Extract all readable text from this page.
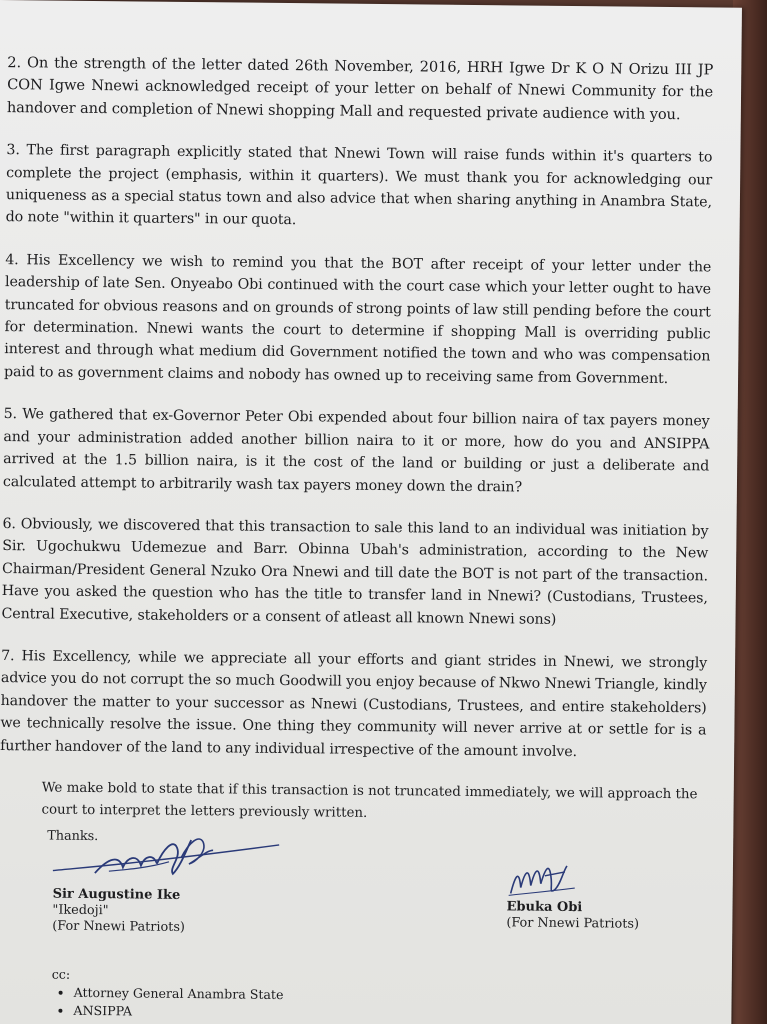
2. On the strength of the letter dated 26th November, 2016, HRH Igwe Dr K O N Orizu III JP CON Igwe Nnewi acknowledged receipt of your letter on behalf of Nnewi Community for the handover and completion of Nnewi shopping Mall and requested private audience with you.

3. The first paragraph explicitly stated that Nnewi Town will raise funds within it's quarters to complete the project (emphasis, within it quarters). We must thank you for acknowledging our uniqueness as a special status town and also advice that when sharing anything in Anambra State, do note "within it quarters" in our quota.

4. His Excellency we wish to remind you that the BOT after receipt of your letter under the leadership of late Sen. Onyeabo Obi continued with the court case which your letter ought to have truncated for obvious reasons and on grounds of strong points of law still pending before the court for determination. Nnewi wants the court to determine if shopping Mall is overriding public interest and through what medium did Government notified the town and who was compensation paid to as government claims and nobody has owned up to receiving same from Government.

5. We gathered that ex-Governor Peter Obi expended about four billion naira of tax payers money and your administration added another billion naira to it or more, how do you and ANSIPPA arrived at the 1.5 billion naira, is it the cost of the land or building or just a deliberate and calculated attempt to arbitrarily wash tax payers money down the drain?

6. Obviously, we discovered that this transaction to sale this land to an individual was initiation by Sir. Ugochukwu Udemezue and Barr. Obinna Ubah's administration, according to the New Chairman/President General Nzuko Ora Nnewi and till date the BOT is not part of the transaction. Have you asked the question who has the title to transfer land in Nnewi? (Custodians, Trustees, Central Executive, stakeholders or a consent of atleast all known Nnewi sons)

7. His Excellency, while we appreciate all your efforts and giant strides in Nnewi, we strongly advice you do not corrupt the so much Goodwill you enjoy because of Nkwo Nnewi Triangle, kindly handover the matter to your successor as Nnewi (Custodians, Trustees, and entire stakeholders) we technically resolve the issue. One thing they community will never arrive at or settle for is a further handover of the land to any individual irrespective of the amount involve.

We make bold to state that if this transaction is not truncated immediately, we will approach the court to interpret the letters previously written.

Thanks.
Sir Augustine Ike
"Ikedoji"
(For Nnewi Patriots)
Ebuka Obi
(For Nnewi Patriots)
cc:
• Attorney General Anambra State
• ANSIPPA
